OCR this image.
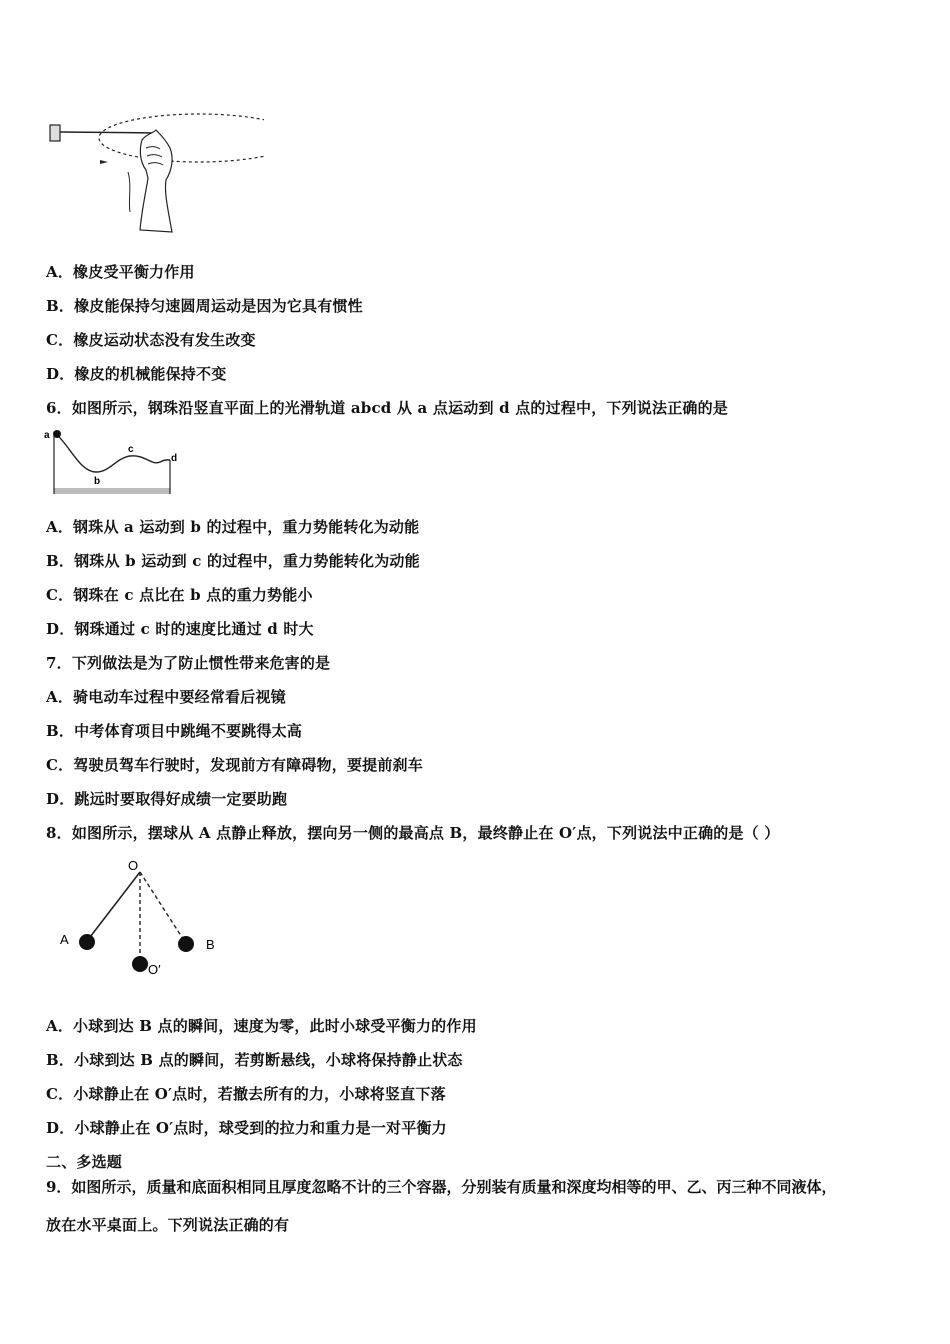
A．橡皮受平衡力作用
B．橡皮能保持匀速圆周运动是因为它具有惯性
C．橡皮运动状态没有发生改变
D．橡皮的机械能保持不变
6．如图所示，钢珠沿竖直平面上的光滑轨道 abcd 从 a 点运动到 d 点的过程中，下列说法正确的是
a
b
c
d
A．钢珠从 a 运动到 b 的过程中，重力势能转化为动能
B．钢珠从 b 运动到 c 的过程中，重力势能转化为动能
C．钢珠在 c 点比在 b 点的重力势能小
D．钢珠通过 c 时的速度比通过 d 时大
7．下列做法是为了防止惯性带来危害的是
A．骑电动车过程中要经常看后视镜
B．中考体育项目中跳绳不要跳得太高
C．驾驶员驾车行驶时，发现前方有障碍物，要提前刹车
D．跳远时要取得好成绩一定要助跑
8．如图所示，摆球从 A 点静止释放，摆向另一侧的最高点 B，最终静止在 O′点，下列说法中正确的是（ ）
O
A	B
O′
A．小球到达 B 点的瞬间，速度为零，此时小球受平衡力的作用
B．小球到达 B 点的瞬间，若剪断悬线，小球将保持静止状态
C．小球静止在 O′点时，若撤去所有的力，小球将竖直下落
D．小球静止在 O′点时，球受到的拉力和重力是一对平衡力
二、多选题
9．如图所示，质量和底面积相同且厚度忽略不计的三个容器，分别装有质量和深度均相等的甲、乙、丙三种不同液体，
放在水平桌面上。下列说法正确的有
